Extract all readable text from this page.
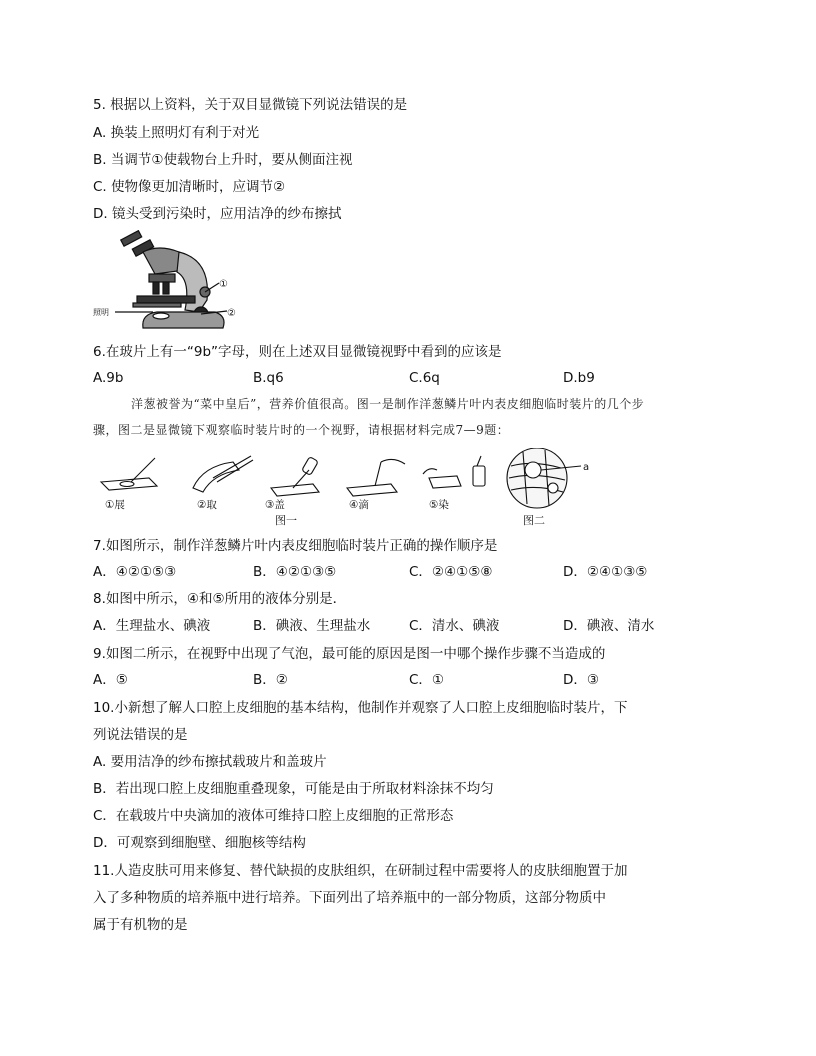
5. 根据以上资料，关于双目显微镜下列说法错误的是
A. 换装上照明灯有利于对光
B. 当调节①使载物台上升时，要从侧面注视
C. 使物像更加清晰时，应调节②
D. 镜头受到污染时，应用洁净的纱布擦拭
①
②
照明
6.在玻片上有一“9b”字母，则在上述双目显微镜视野中看到的应该是
A.9b	B.q6	C.6q	D.b9
洋葱被誉为“菜中皇后”，营养价值很高。图一是制作洋葱鳞片叶内表皮细胞临时装片的几个步
骤，图二是显微镜下观察临时装片时的一个视野，请根据材料完成7—9题：
①展	②取	③盖	④滴	⑤染
a
图一	图二
7.如图所示，制作洋葱鳞片叶内表皮细胞临时装片正确的操作顺序是
A．④②①⑤③	B．④②①③⑤	C．②④①⑤⑧	D．②④①③⑤
8.如图中所示，④和⑤所用的液体分别是．
A．生理盐水、碘液	B．碘液、生理盐水	C．清水、碘液	D．碘液、清水
9.如图二所示，在视野中出现了气泡，最可能的原因是图一中哪个操作步骤不当造成的
A．⑤	B．②	C．①	D．③
10.小新想了解人口腔上皮细胞的基本结构，他制作并观察了人口腔上皮细胞临时装片，下
列说法错误的是
A. 要用洁净的纱布擦拭载玻片和盖玻片
B．若出现口腔上皮细胞重叠现象，可能是由于所取材料涂抹不均匀
C．在载玻片中央滴加的液体可维持口腔上皮细胞的正常形态
D．可观察到细胞壁、细胞核等结构
11.人造皮肤可用来修复、替代缺损的皮肤组织，在研制过程中需要将人的皮肤细胞置于加
入了多种物质的培养瓶中进行培养。下面列出了培养瓶中的一部分物质，这部分物质中
属于有机物的是
